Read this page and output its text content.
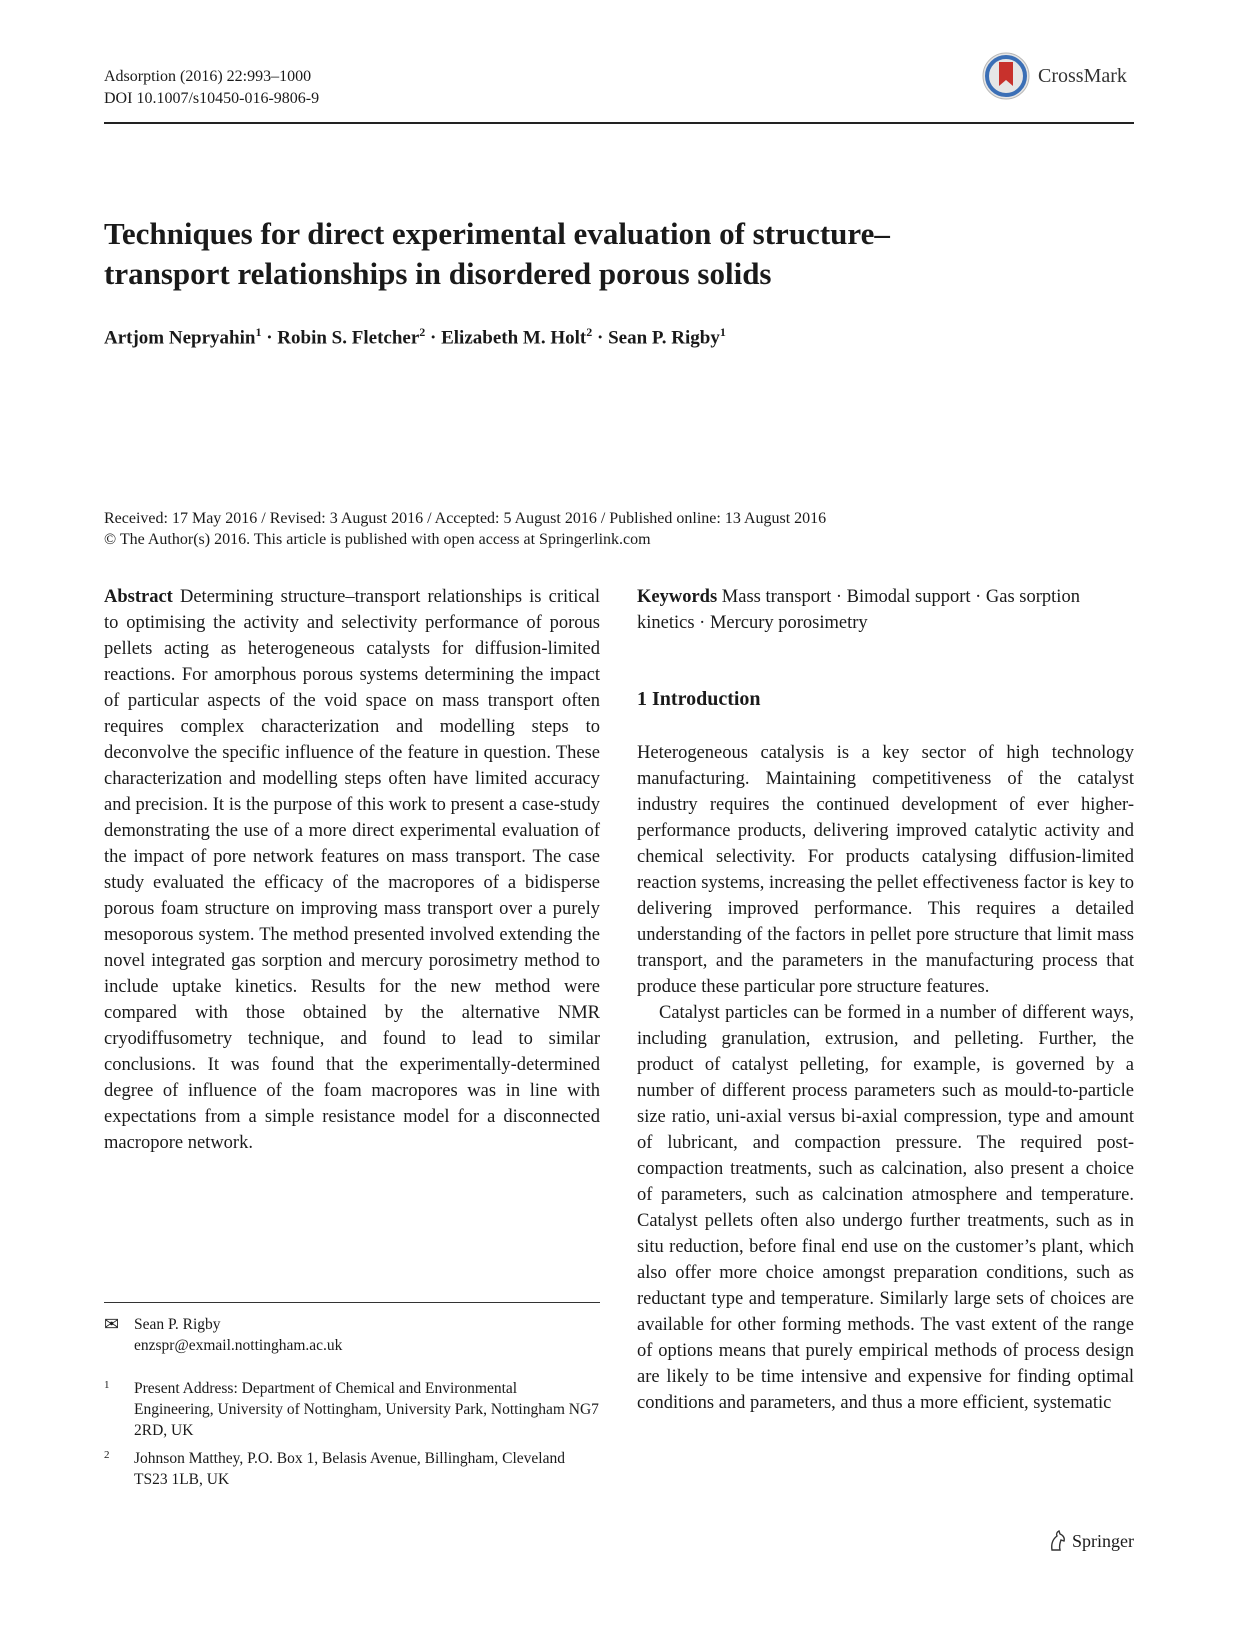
Adsorption (2016) 22:993–1000
DOI 10.1007/s10450-016-9806-9
CrossMark
Techniques for direct experimental evaluation of structure–
transport relationships in disordered porous solids
Artjom Nepryahin$^1$ · Robin S. Fletcher$^2$ · Elizabeth M. Holt$^2$ · Sean P. Rigby$^1$
Received: 17 May 2016 / Revised: 3 August 2016 / Accepted: 5 August 2016 / Published online: 13 August 2016
© The Author(s) 2016. This article is published with open access at Springerlink.com
Abstract Determining structure–transport relationships is critical to optimising the activity and selectivity performance of porous pellets acting as heterogeneous catalysts for diffusion-limited reactions. For amorphous porous systems determining the impact of particular aspects of the void space on mass transport often requires complex characterization and modelling steps to deconvolve the specific influence of the feature in question. These characterization and modelling steps often have limited accuracy and precision. It is the purpose of this work to present a case-study demonstrating the use of a more direct experimental evaluation of the impact of pore network features on mass transport. The case study evaluated the efficacy of the macropores of a bidisperse porous foam structure on improving mass transport over a purely mesoporous system. The method presented involved extending the novel integrated gas sorption and mercury porosimetry method to include uptake kinetics. Results for the new method were compared with those obtained by the alternative NMR cryodiffusometry technique, and found to lead to similar conclusions. It was found that the experimentally-determined degree of influence of the foam macropores was in line with expectations from a simple resistance model for a disconnected macropore network.
Keywords Mass transport · Bimodal support · Gas sorption kinetics · Mercury porosimetry
1 Introduction

Heterogeneous catalysis is a key sector of high technology manufacturing. Maintaining competitiveness of the catalyst industry requires the continued development of ever higher-performance products, delivering improved catalytic activity and chemical selectivity. For products catalysing diffusion-limited reaction systems, increasing the pellet effectiveness factor is key to delivering improved performance. This requires a detailed understanding of the factors in pellet pore structure that limit mass transport, and the parameters in the manufacturing process that produce these particular pore structure features.

Catalyst particles can be formed in a number of different ways, including granulation, extrusion, and pelleting. Further, the product of catalyst pelleting, for example, is governed by a number of different process parameters such as mould-to-particle size ratio, uni-axial versus bi-axial compression, type and amount of lubricant, and compaction pressure. The required post-compaction treatments, such as calcination, also present a choice of parameters, such as calcination atmosphere and temperature. Catalyst pellets often also undergo further treatments, such as in situ reduction, before final end use on the customer’s plant, which also offer more choice amongst preparation conditions, such as reductant type and temperature. Similarly large sets of choices are available for other forming methods. The vast extent of the range of options means that purely empirical methods of process design are likely to be time intensive and expensive for finding optimal conditions and parameters, and thus a more efficient, systematic

✉ Sean P. Rigby
enzspr@exmail.nottingham.ac.uk
1	Present Address: Department of Chemical and Environmental Engineering, University of Nottingham, University Park, Nottingham NG7 2RD, UK
2	Johnson Matthey, P.O. Box 1, Belasis Avenue, Billingham, Cleveland TS23 1LB, UK
Springer
